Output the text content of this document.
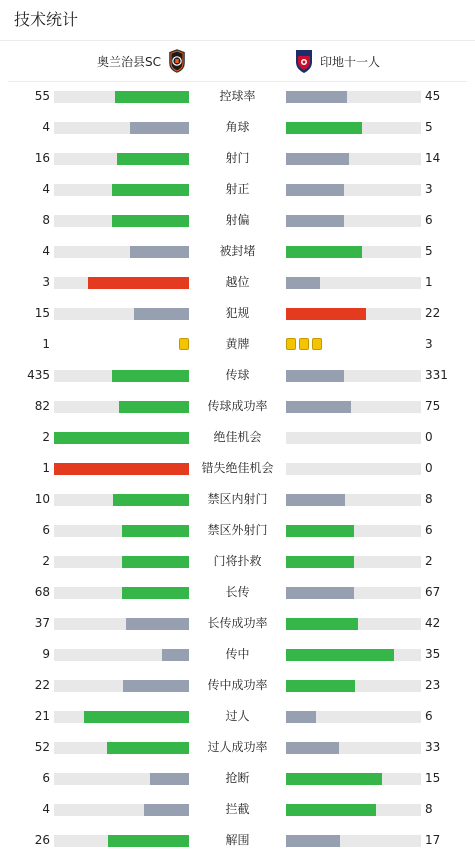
技术统计
奥兰治县SC	印地十一人
55	控球率	45
4	角球	5
16	射门	14
4	射正	3
8	射偏	6
4	被封堵	5
3	越位	1
15	犯规	22
1	黄牌	3
435	传球	331
82	传球成功率	75
2	绝佳机会	0
1	错失绝佳机会	0
10	禁区内射门	8
6	禁区外射门	6
2	门将扑救	2
68	长传	67
37	长传成功率	42
9	传中	35
22	传中成功率	23
21	过人	6
52	过人成功率	33
6	抢断	15
4	拦截	8
26	解围	17
